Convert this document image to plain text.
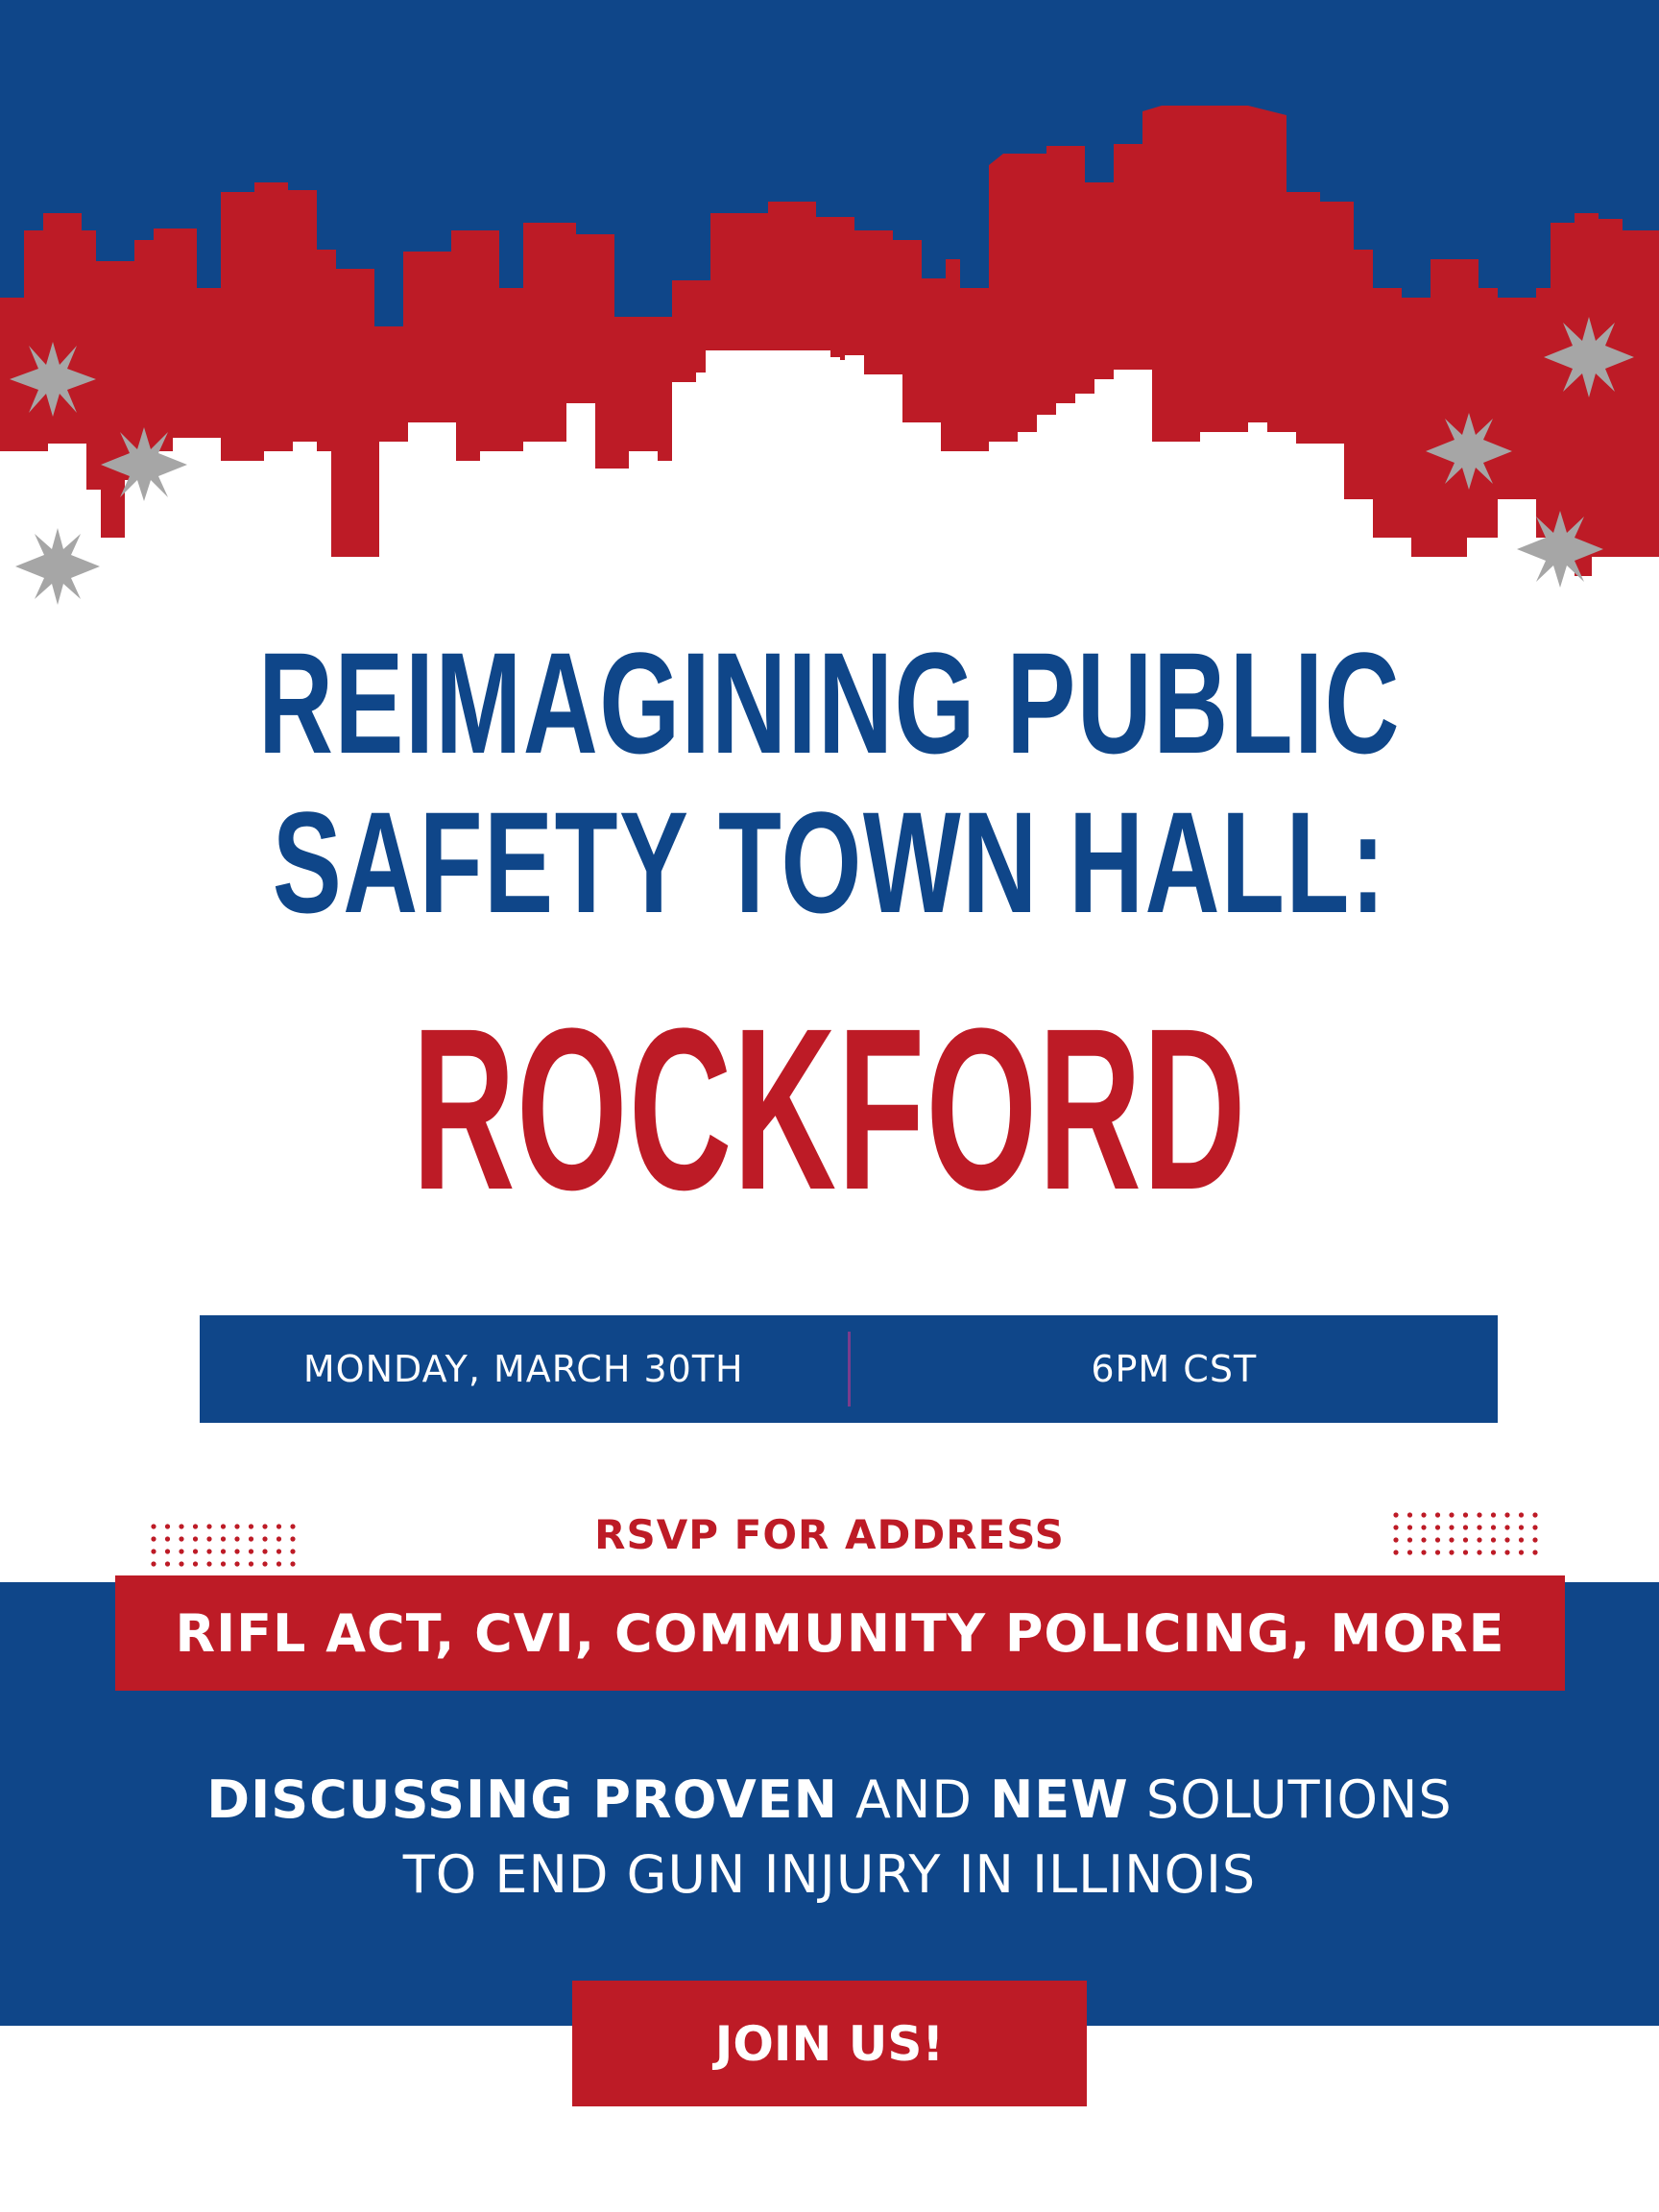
REIMAGINING PUBLIC
SAFETY TOWN HALL:
ROCKFORD
MONDAY, MARCH 30TH	6PM CST
RSVP FOR ADDRESS
RIFL ACT, CVI, COMMUNITY POLICING, MORE
DISCUSSING PROVEN AND NEW SOLUTIONS
TO END GUN INJURY IN ILLINOIS
JOIN US!
